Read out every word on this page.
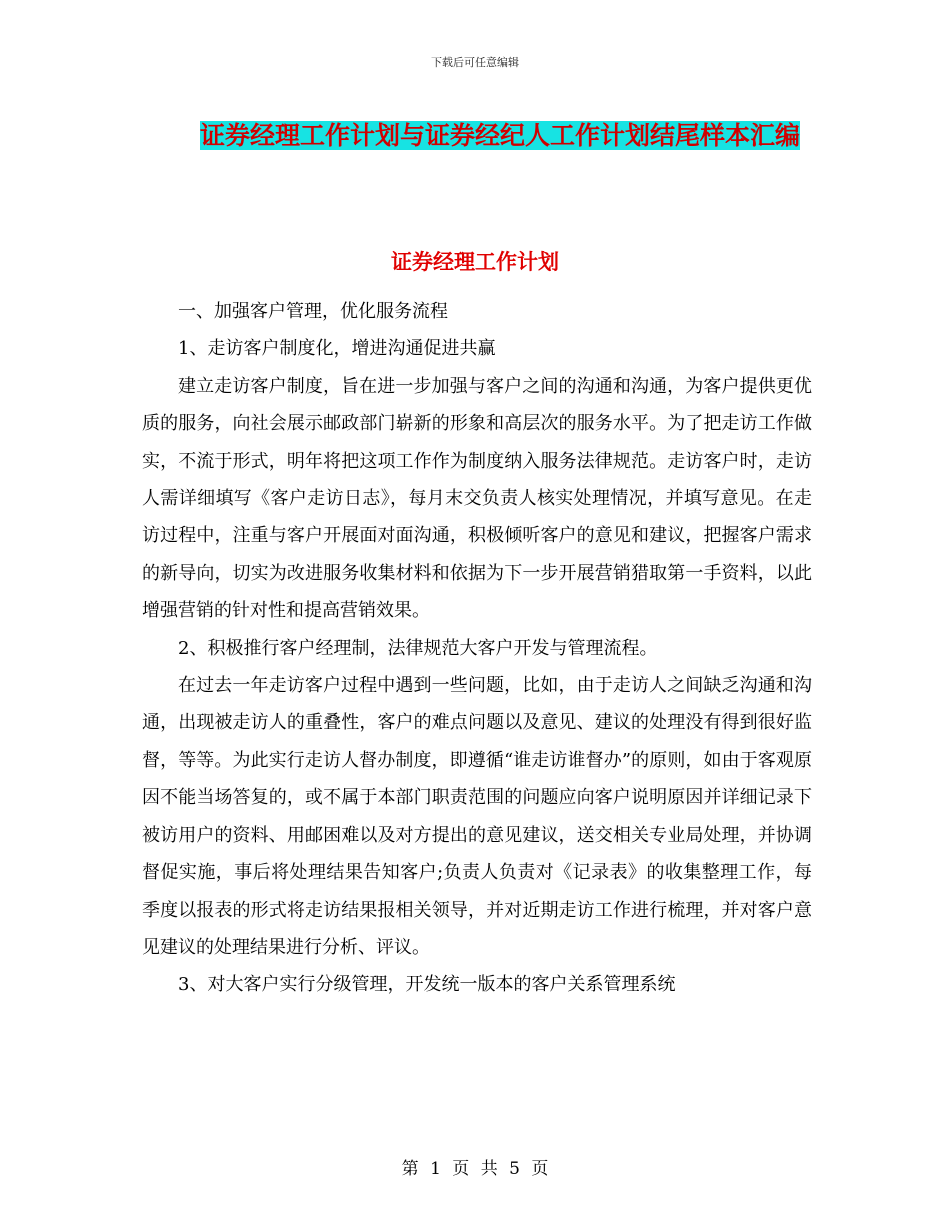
下载后可任意编辑
证券经理工作计划与证券经纪人工作计划结尾样本汇编
证券经理工作计划

一、加强客户管理，优化服务流程

1、走访客户制度化，增进沟通促进共赢

建立走访客户制度，旨在进一步加强与客户之间的沟通和沟通，为客户提供更优质的服务，向社会展示邮政部门崭新的形象和高层次的服务水平。为了把走访工作做实，不流于形式，明年将把这项工作作为制度纳入服务法律规范。走访客户时，走访人需详细填写《客户走访日志》，每月末交负责人核实处理情况，并填写意见。在走访过程中，注重与客户开展面对面沟通，积极倾听客户的意见和建议，把握客户需求的新导向，切实为改进服务收集材料和依据为下一步开展营销猎取第一手资料，以此增强营销的针对性和提高营销效果。

2、积极推行客户经理制，法律规范大客户开发与管理流程。

在过去一年走访客户过程中遇到一些问题，比如，由于走访人之间缺乏沟通和沟通，出现被走访人的重叠性，客户的难点问题以及意见、建议的处理没有得到很好监督，等等。为此实行走访人督办制度，即遵循“谁走访谁督办”的原则，如由于客观原因不能当场答复的，或不属于本部门职责范围的问题应向客户说明原因并详细记录下被访用户的资料、用邮困难以及对方提出的意见建议，送交相关专业局处理，并协调督促实施，事后将处理结果告知客户;负责人负责对《记录表》的收集整理工作，每季度以报表的形式将走访结果报相关领导，并对近期走访工作进行梳理，并对客户意见建议的处理结果进行分析、评议。

3、对大客户实行分级管理，开发统一版本的客户关系管理系统

第 1 页 共 5 页
